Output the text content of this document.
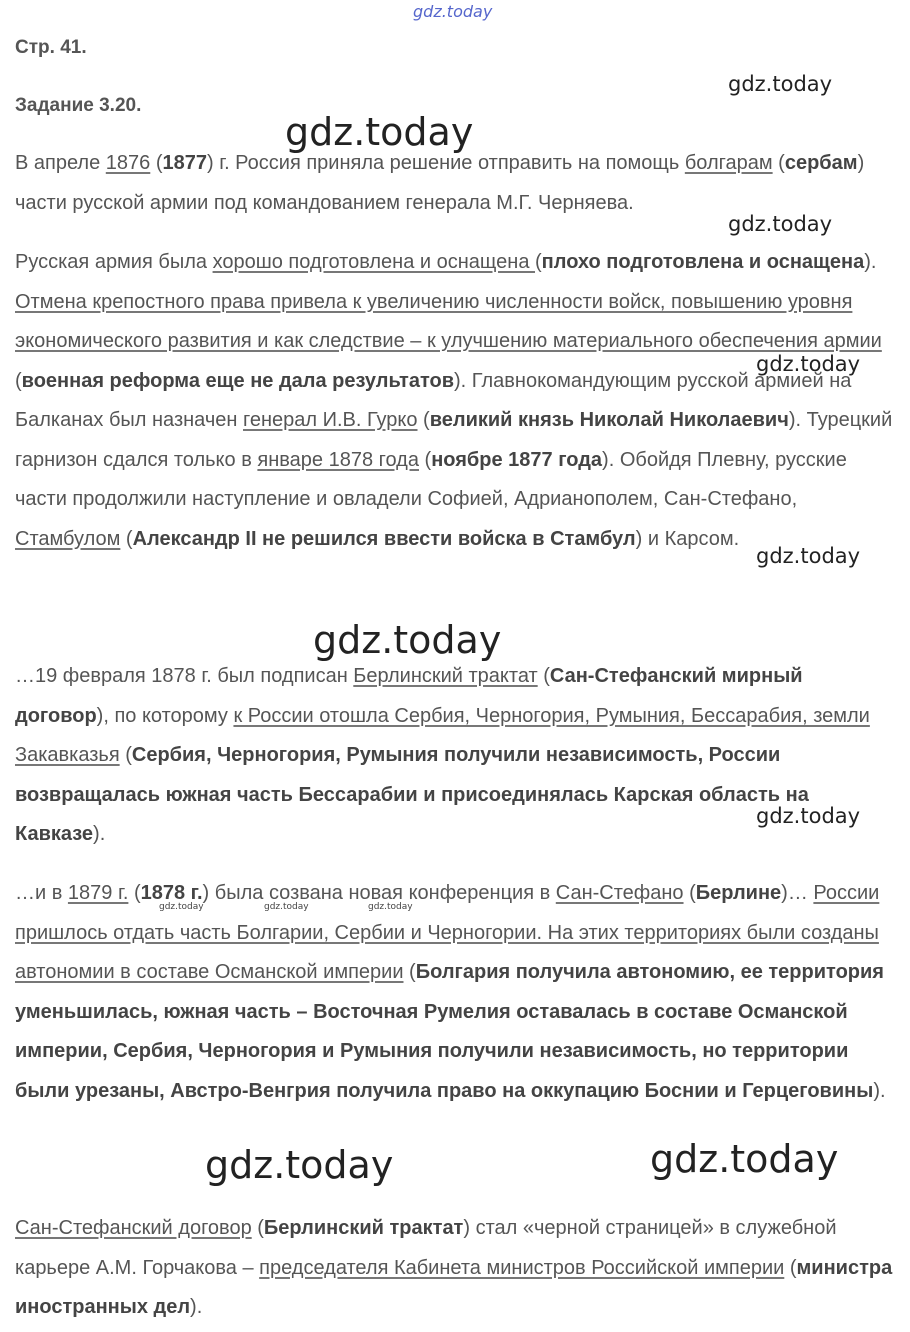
gdz.today
gdz.today
gdz.today
gdz.today
gdz.today
gdz.today
gdz.today
gdz.today
gdz.today	gdz.today	gdz.today
gdz.today	gdz.today
Стр. 41.
Задание 3.20.

В апреле 1876 (1877) г. Россия приняла решение отправить на помощь болгарам (сербам) части русской армии под командованием генерала М.Г. Черняева.

Русская армия была хорошо подготовлена и оснащена (плохо подготовлена и оснащена). Отмена крепостного права привела к увеличению численности войск, повышению уровня экономического развития и как следствие – к улучшению материального обеспечения армии (военная реформа еще не дала результатов). Главнокомандующим русской армией на Балканах был назначен генерал И.В. Гурко (великий князь Николай Николаевич). Турецкий гарнизон сдался только в январе 1878 года (ноябре 1877 года). Обойдя Плевну, русские части продолжили наступление и овладели Софией, Адрианополем, Сан-Стефано, Стамбулом (Александр II не решился ввести войска в Стамбул) и Карсом.

…19 февраля 1878 г. был подписан Берлинский трактат (Сан-Стефанский мирный договор), по которому к России отошла Сербия, Черногория, Румыния, Бессарабия, земли Закавказья (Сербия, Черногория, Румыния получили независимость, России возвращалась южная часть Бессарабии и присоединялась Карская область на Кавказе).

…и в 1879 г. (1878 г.) была созвана новая конференция в Сан-Стефано (Берлине)… России пришлось отдать часть Болгарии, Сербии и Черногории. На этих территориях были созданы автономии в составе Османской империи (Болгария получила автономию, ее территория уменьшилась, южная часть – Восточная Румелия оставалась в составе Османской империи, Сербия, Черногория и Румыния получили независимость, но территории были урезаны, Австро-Венгрия получила право на оккупацию Боснии и Герцеговины).

Сан-Стефанский договор (Берлинский трактат) стал «черной страницей» в служебной карьере А.М. Горчакова – председателя Кабинета министров Российской империи (министра иностранных дел).
